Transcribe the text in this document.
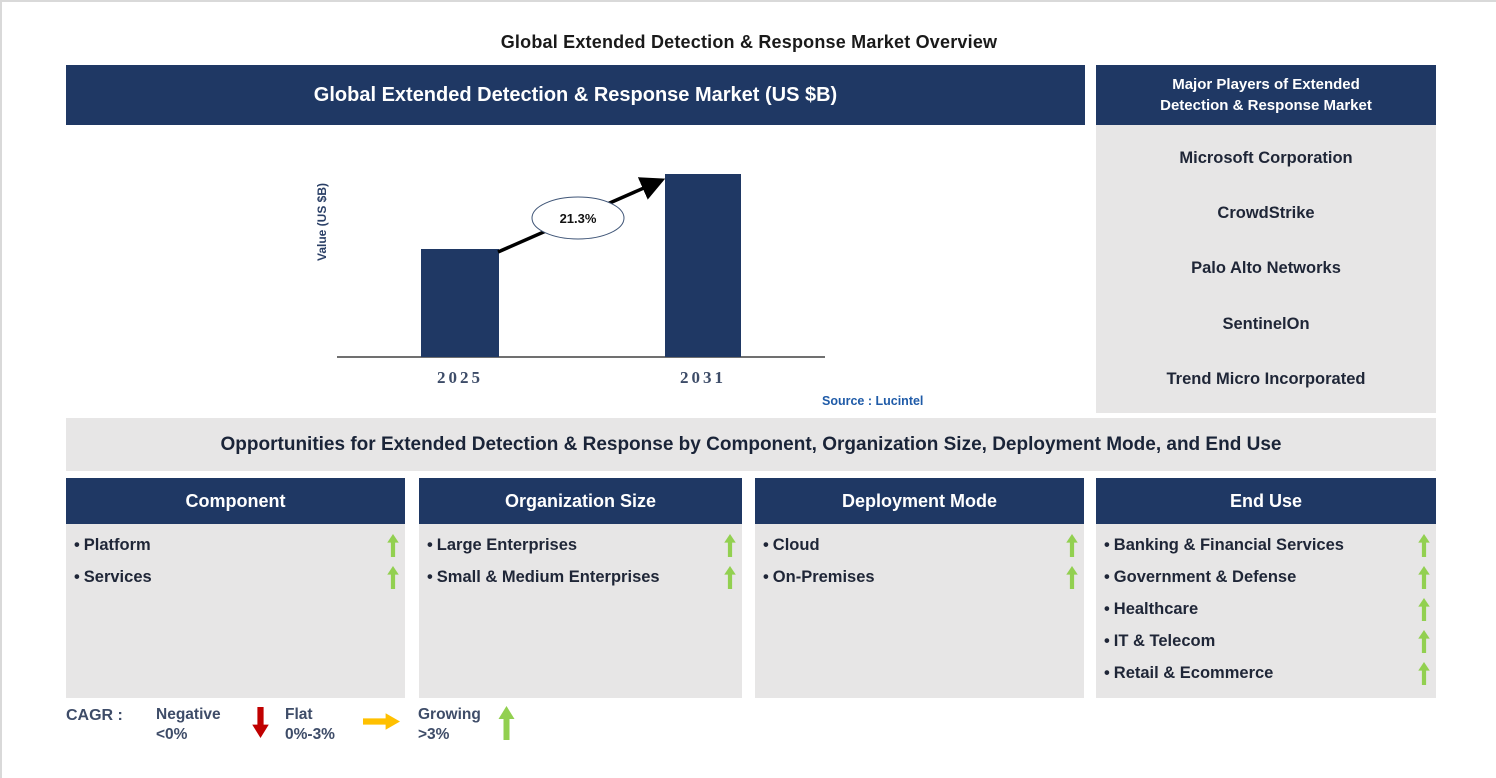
Global Extended Detection & Response Market Overview
Global Extended Detection & Response Market (US $B)
Value (US $B)	21.3%
2025	2031
Source : Lucintel
Major Players of Extended
Detection & Response Market
Microsoft Corporation
CrowdStrike
Palo Alto Networks
SentinelOn
Trend Micro Incorporated
Opportunities for Extended Detection & Response by Component, Organization Size, Deployment Mode, and End Use
Component
• Platform
• Services
Organization Size
• Large Enterprises
• Small & Medium Enterprises
Deployment Mode
• Cloud
• On-Premises
End Use
• Banking & Financial Services
• Government & Defense
• Healthcare
• IT & Telecom
• Retail & Ecommerce
CAGR :	Negative
<0%
Flat
0%-3%
Growing
>3%
